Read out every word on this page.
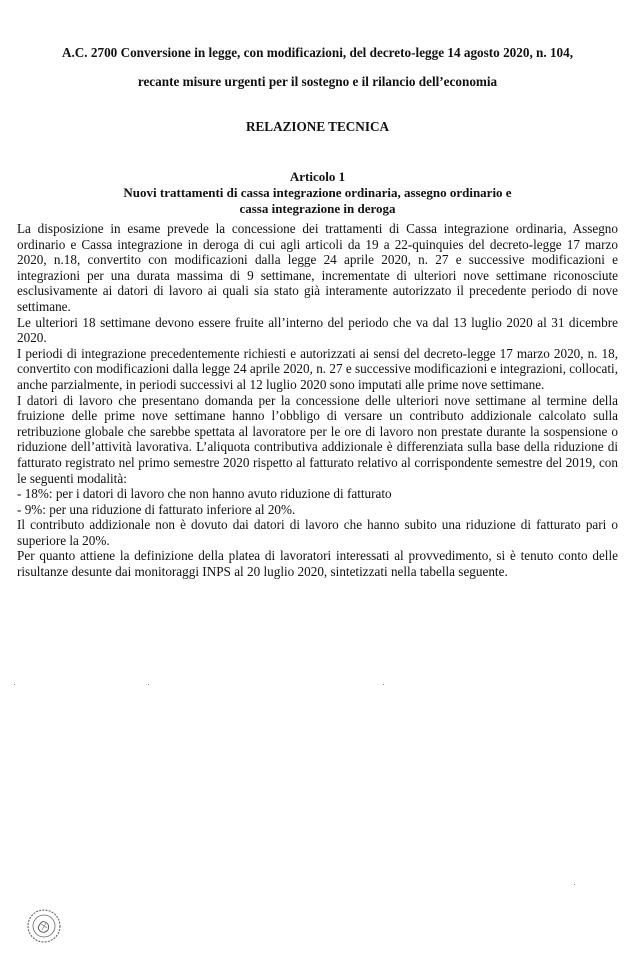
A.C. 2700 Conversione in legge, con modificazioni, del decreto-legge 14 agosto 2020, n. 104,
recante misure urgenti per il sostegno e il rilancio dell’economia
RELAZIONE TECNICA
Articolo 1
Nuovi trattamenti di cassa integrazione ordinaria, assegno ordinario e
cassa integrazione in deroga

La disposizione in esame prevede la concessione dei trattamenti di Cassa integrazione ordinaria, Assegno ordinario e Cassa integrazione in deroga di cui agli articoli da 19 a 22-quinquies del decreto-legge 17 marzo 2020, n.18, convertito con modificazioni dalla legge 24 aprile 2020, n. 27 e successive modificazioni e integrazioni per una durata massima di 9 settimane, incrementate di ulteriori nove settimane riconosciute esclusivamente ai datori di lavoro ai quali sia stato già interamente autorizzato il precedente periodo di nove settimane.

Le ulteriori 18 settimane devono essere fruite all’interno del periodo che va dal 13 luglio 2020 al 31 dicembre 2020.

I periodi di integrazione precedentemente richiesti e autorizzati ai sensi del decreto-legge 17 marzo 2020, n. 18, convertito con modificazioni dalla legge 24 aprile 2020, n. 27 e successive modificazioni e integrazioni, collocati, anche parzialmente, in periodi successivi al 12 luglio 2020 sono imputati alle prime nove settimane.

I datori di lavoro che presentano domanda per la concessione delle ulteriori nove settimane al termine della fruizione delle prime nove settimane hanno l’obbligo di versare un contributo addizionale calcolato sulla retribuzione globale che sarebbe spettata al lavoratore per le ore di lavoro non prestate durante la sospensione o riduzione dell’attività lavorativa. L’aliquota contributiva addizionale è differenziata sulla base della riduzione di fatturato registrato nel primo semestre 2020 rispetto al fatturato relativo al corrispondente semestre del 2019, con le seguenti modalità:

- 18%: per i datori di lavoro che non hanno avuto riduzione di fatturato

- 9%: per una riduzione di fatturato inferiore al 20%.

Il contributo addizionale non è dovuto dai datori di lavoro che hanno subito una riduzione di fatturato pari o superiore la 20%.

Per quanto attiene la definizione della platea di lavoratori interessati al provvedimento, si è tenuto conto delle risultanze desunte dai monitoraggi INPS al 20 luglio 2020, sintetizzati nella tabella seguente.
